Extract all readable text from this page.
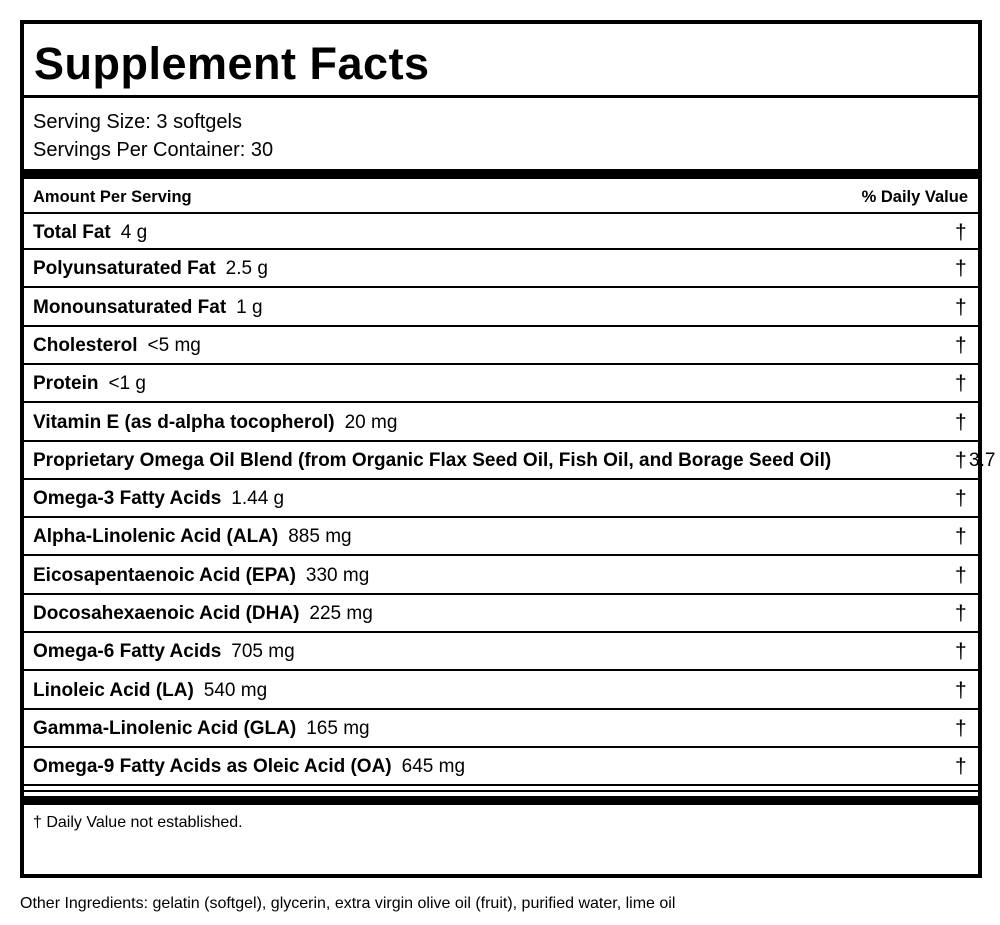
Supplement Facts
Serving Size: 3 softgels
Servings Per Container: 30
Amount Per Serving	% Daily Value
Total Fat 4 g	†
Polyunsaturated Fat 2.5 g	†
Monounsaturated Fat 1 g	†
Cholesterol <5 mg	†
Protein <1 g	†
Vitamin E (as d-alpha tocopherol) 20 mg	†
Proprietary Omega Oil Blend (from Organic Flax Seed Oil, Fish Oil, and Borage Seed Oil)	† 3.7
Omega-3 Fatty Acids 1.44 g	†
Alpha-Linolenic Acid (ALA) 885 mg	†
Eicosapentaenoic Acid (EPA) 330 mg	†
Docosahexaenoic Acid (DHA) 225 mg	†
Omega-6 Fatty Acids 705 mg	†
Linoleic Acid (LA) 540 mg	†
Gamma-Linolenic Acid (GLA) 165 mg	†
Omega-9 Fatty Acids as Oleic Acid (OA) 645 mg	†
† Daily Value not established.
Other Ingredients: gelatin (softgel), glycerin, extra virgin olive oil (fruit), purified water, lime oil
